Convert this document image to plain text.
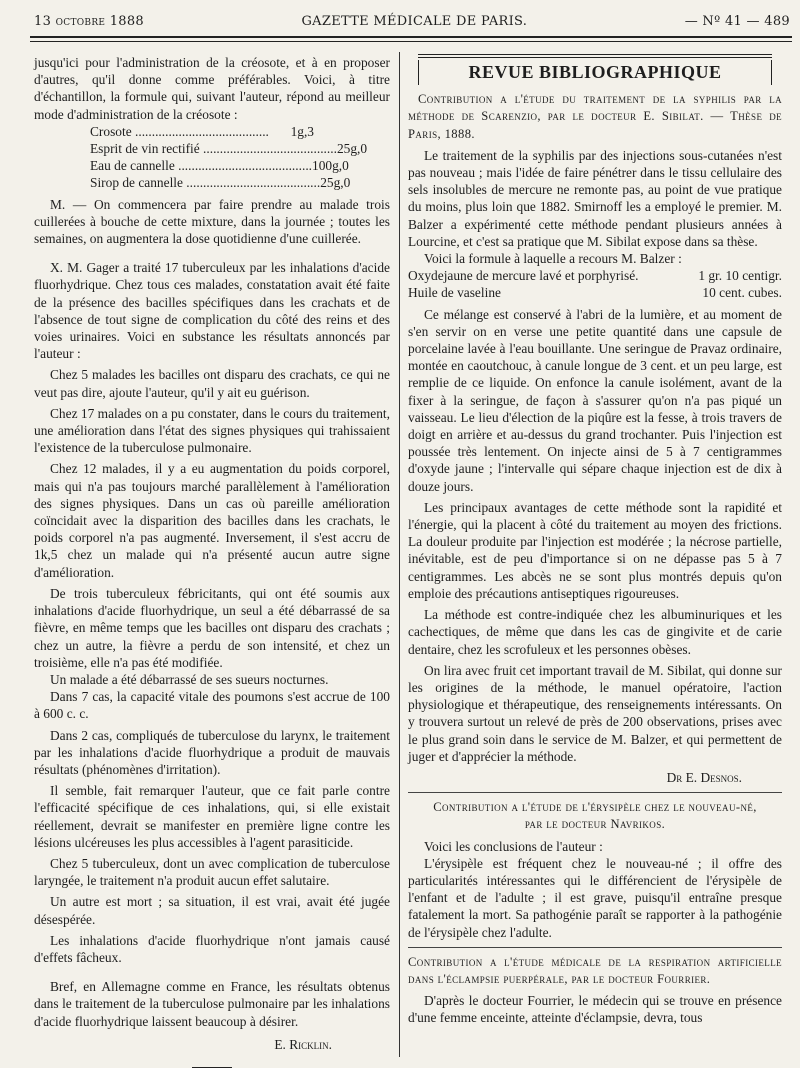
13 octobre 1888	GAZETTE MÉDICALE DE PARIS.	— Nº 41 — 489

jusqu'ici pour l'administration de la créosote, et à en proposer d'autres, qu'il donne comme préférables. Voici, à titre d'échantillon, la formule qui, suivant l'auteur, répond au meilleur mode d'administration de la créosote :

Crosote ........................................	1g,3
Esprit de vin rectifié ........................................ 25g,0
Eau de cannelle ........................................ 100g,0
Sirop de cannelle ........................................ 25g,0

M. — On commencera par faire prendre au malade trois cuillerées à bouche de cette mixture, dans la journée ; toutes les semaines, on augmentera la dose quotidienne d'une cuillerée.

X. M. Gager a traité 17 tuberculeux par les inhalations d'acide fluorhydrique. Chez tous ces malades, constatation avait été faite de la présence des bacilles spécifiques dans les crachats et de l'absence de tout signe de complication du côté des reins et des voies urinaires. Voici en substance les résultats annoncés par l'auteur :

Chez 5 malades les bacilles ont disparu des crachats, ce qui ne veut pas dire, ajoute l'auteur, qu'il y ait eu guérison.

Chez 17 malades on a pu constater, dans le cours du traitement, une amélioration dans l'état des signes physiques qui trahissaient l'existence de la tuberculose pulmonaire.

Chez 12 malades, il y a eu augmentation du poids corporel, mais qui n'a pas toujours marché parallèlement à l'amélioration des signes physiques. Dans un cas où pareille amélioration coïncidait avec la disparition des bacilles dans les crachats, le poids corporel n'a pas augmenté. Inversement, il s'est accru de 1k,5 chez un malade qui n'a présenté aucun autre signe d'amélioration.

De trois tuberculeux fébricitants, qui ont été soumis aux inhalations d'acide fluorhydrique, un seul a été débarrassé de sa fièvre, en même temps que les bacilles ont disparu des crachats ; chez un autre, la fièvre a perdu de son intensité, et chez un troisième, elle n'a pas été modifiée.

Un malade a été débarrassé de ses sueurs nocturnes.

Dans 7 cas, la capacité vitale des poumons s'est accrue de 100 à 600 c. c.

Dans 2 cas, compliqués de tuberculose du larynx, le traitement par les inhalations d'acide fluorhydrique a produit de mauvais résultats (phénomènes d'irritation).

Il semble, fait remarquer l'auteur, que ce fait parle contre l'efficacité spécifique de ces inhalations, qui, si elle existait réellement, devrait se manifester en première ligne contre les lésions ulcéreuses les plus accessibles à l'agent parasiticide.

Chez 5 tuberculeux, dont un avec complication de tuberculose laryngée, le traitement n'a produit aucun effet salutaire.

Un autre est mort ; sa situation, il est vrai, avait été jugée désespérée.

Les inhalations d'acide fluorhydrique n'ont jamais causé d'effets fâcheux.

Bref, en Allemagne comme en France, les résultats obtenus dans le traitement de la tuberculose pulmonaire par les inhalations d'acide fluorhydrique laissent beaucoup à désirer.

E. Ricklin.

REVUE BIBLIOGRAPHIQUE

Contribution a l'étude du traitement de la syphilis par la méthode de Scarenzio, par le docteur E. Sibilat. — Thèse de Paris, 1888.

Le traitement de la syphilis par des injections sous-cutanées n'est pas nouveau ; mais l'idée de faire pénétrer dans le tissu cellulaire des sels insolubles de mercure ne remonte pas, au point de vue pratique du moins, plus loin que 1882. Smirnoff les a employé le premier. M. Balzer a expérimenté cette méthode pendant plusieurs années à Lourcine, et c'est sa pratique que M. Sibilat expose dans sa thèse.

Voici la formule à laquelle a recours M. Balzer :

Oxydejaune de mercure lavé et porphyrisé.	1 gr. 10 centigr.
Huile de vaseline	10 cent. cubes.

Ce mélange est conservé à l'abri de la lumière, et au moment de s'en servir on en verse une petite quantité dans une capsule de porcelaine lavée à l'eau bouillante. Une seringue de Pravaz ordinaire, montée en caoutchouc, à canule longue de 3 cent. et un peu large, est remplie de ce liquide. On enfonce la canule isolément, avant de la fixer à la seringue, de façon à s'assurer qu'on n'a pas piqué un vaisseau. Le lieu d'élection de la piqûre est la fesse, à trois travers de doigt en arrière et au-dessus du grand trochanter. Puis l'injection est poussée très lentement. On injecte ainsi de 5 à 7 centigrammes d'oxyde jaune ; l'intervalle qui sépare chaque injection est de dix à douze jours.

Les principaux avantages de cette méthode sont la rapidité et l'énergie, qui la placent à côté du traitement au moyen des frictions. La douleur produite par l'injection est modérée ; la nécrose partielle, inévitable, est de peu d'importance si on ne dépasse pas 5 à 7 centigrammes. Les abcès ne se sont plus montrés depuis qu'on emploie des précautions antiseptiques rigoureuses.

La méthode est contre-indiquée chez les albuminuriques et les cachectiques, de même que dans les cas de gingivite et de carie dentaire, chez les scrofuleux et les personnes obèses.

On lira avec fruit cet important travail de M. Sibilat, qui donne sur les origines de la méthode, le manuel opératoire, l'action physiologique et thérapeutique, des renseignements intéressants. On y trouvera surtout un relevé de près de 200 observations, prises avec le plus grand soin dans le service de M. Balzer, et qui permettent de juger et d'apprécier la méthode.

Dr E. Desnos.

Contribution a l'étude de l'érysipèle chez le nouveau-né,

par le docteur Navrikos.

Voici les conclusions de l'auteur :

L'érysipèle est fréquent chez le nouveau-né ; il offre des particularités intéressantes qui le différencient de l'érysipèle de l'enfant et de l'adulte ; il est grave, puisqu'il entraîne presque fatalement la mort. Sa pathogénie paraît se rapporter à la pathogénie de l'érysipèle chez l'adulte.

Contribution a l'étude médicale de la respiration artificielle dans l'éclampsie puerpérale, par le docteur Fourrier.

D'après le docteur Fourrier, le médecin qui se trouve en présence d'une femme enceinte, atteinte d'éclampsie, devra, tous
